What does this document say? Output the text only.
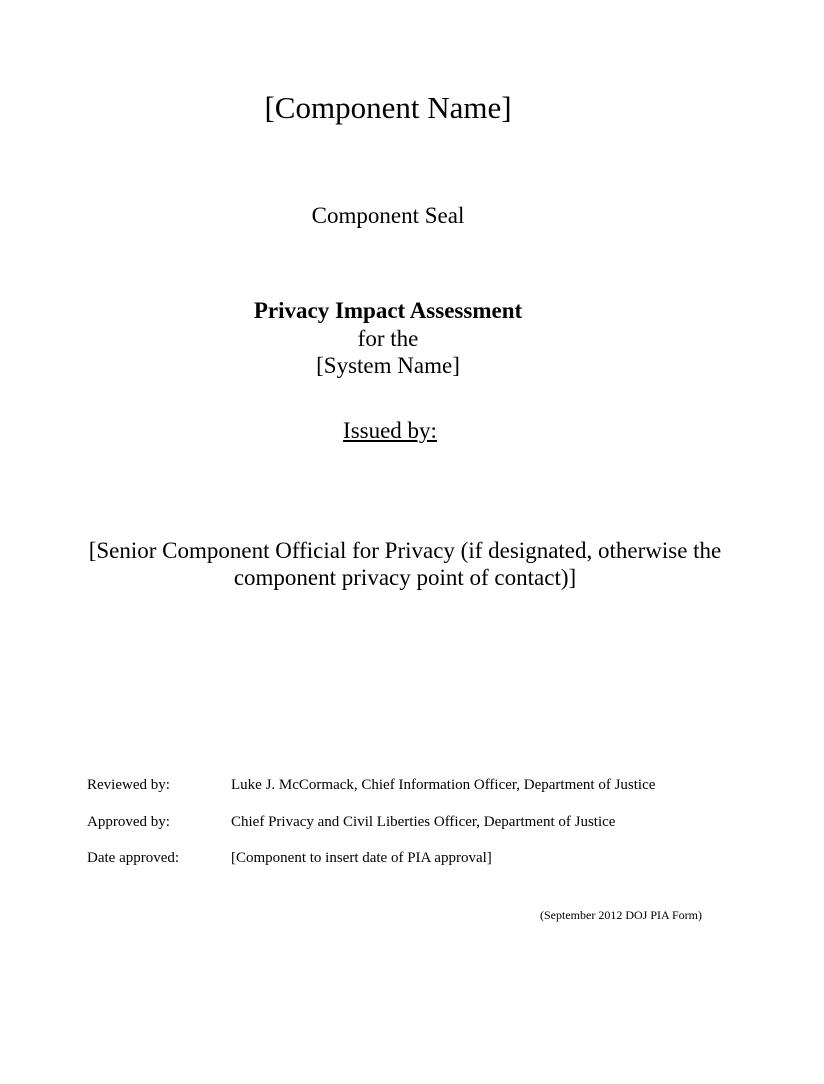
[Component Name]
Component Seal
Privacy Impact Assessment
for the
[System Name]
Issued by:
[Senior Component Official for Privacy (if designated, otherwise the
component privacy point of contact)]
Reviewed by:	Luke J. McCormack, Chief Information Officer, Department of Justice
Approved by:	Chief Privacy and Civil Liberties Officer, Department of Justice
Date approved:	[Component to insert date of PIA approval]
(September 2012 DOJ PIA Form)
